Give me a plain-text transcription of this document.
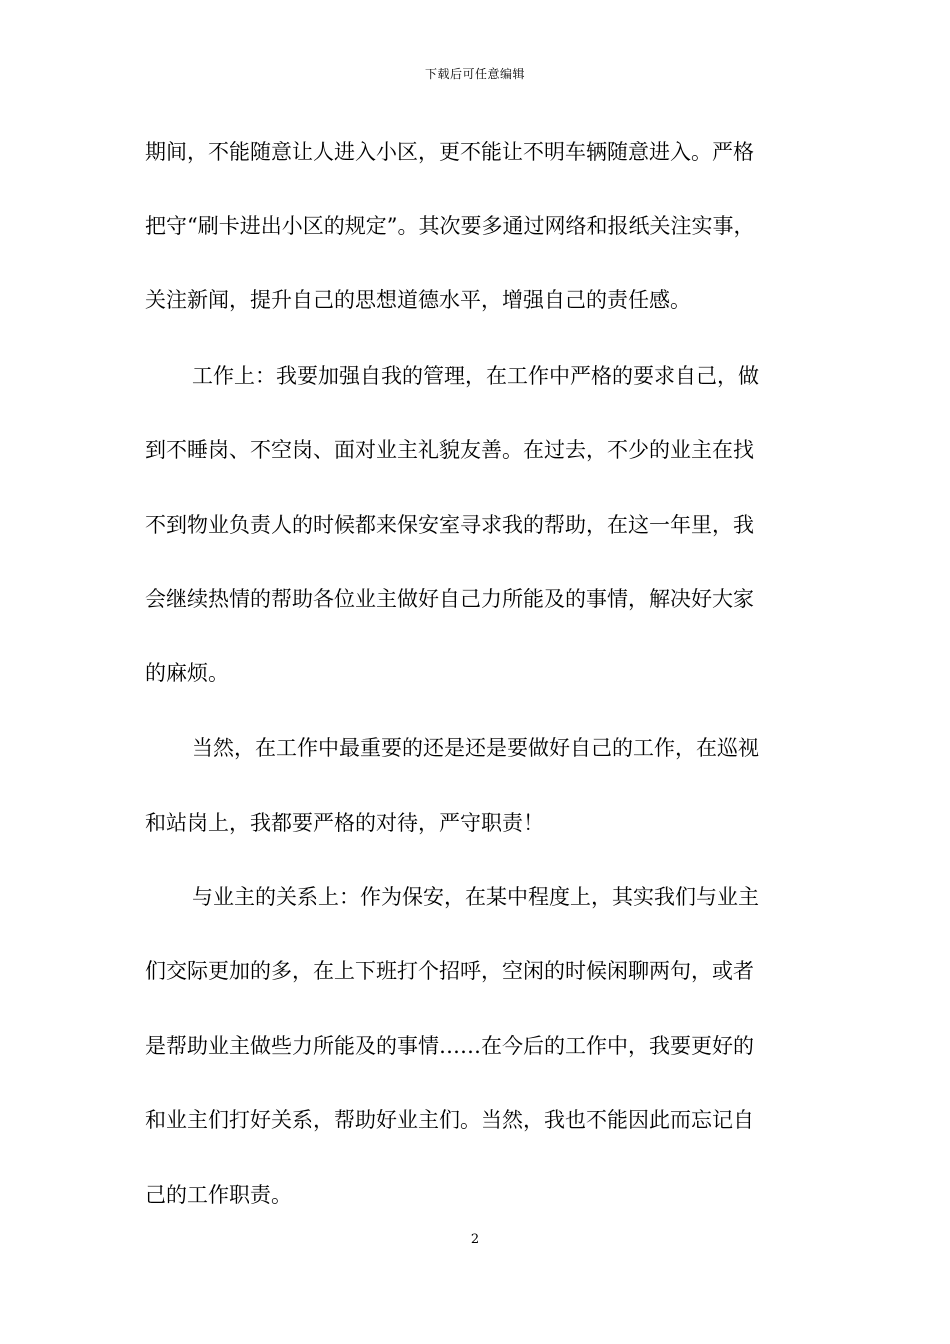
下载后可任意编辑
期间，不能随意让人进入小区，更不能让不明车辆随意进入。严格
把守“刷卡进出小区的规定”。其次要多通过网络和报纸关注实事，
关注新闻，提升自己的思想道德水平，增强自己的责任感。
工作上：我要加强自我的管理，在工作中严格的要求自己，做
到不睡岗、不空岗、面对业主礼貌友善。在过去，不少的业主在找
不到物业负责人的时候都来保安室寻求我的帮助，在这一年里，我
会继续热情的帮助各位业主做好自己力所能及的事情，解决好大家
的麻烦。
当然，在工作中最重要的还是还是要做好自己的工作，在巡视
和站岗上，我都要严格的对待，严守职责！
与业主的关系上：作为保安，在某中程度上，其实我们与业主
们交际更加的多，在上下班打个招呼，空闲的时候闲聊两句，或者
是帮助业主做些力所能及的事情……在今后的工作中，我要更好的
和业主们打好关系，帮助好业主们。当然，我也不能因此而忘记自
己的工作职责。
2
